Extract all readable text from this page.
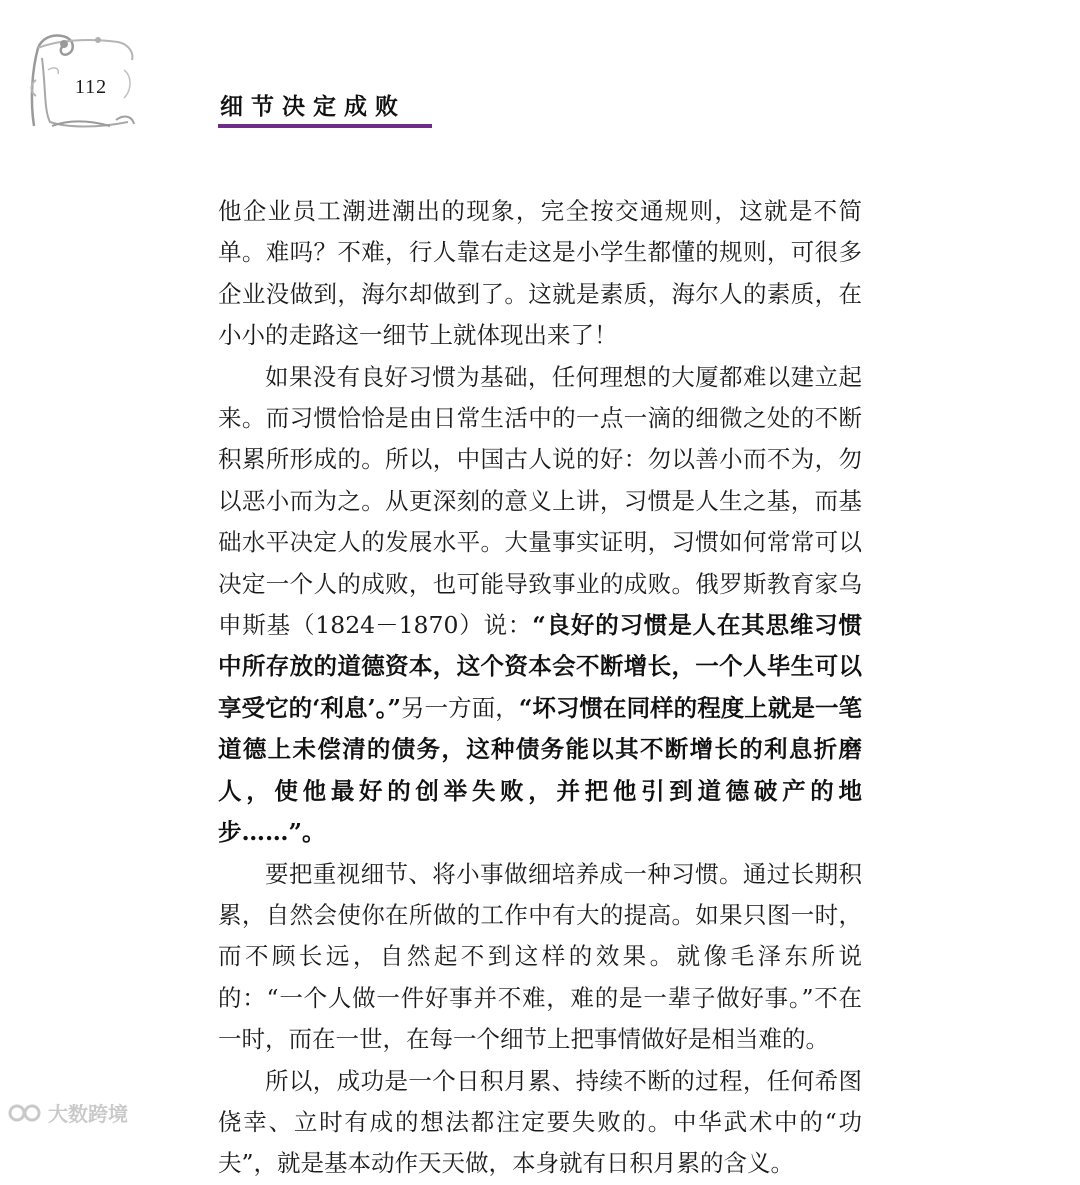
112
细节决定成败

他企业员工潮进潮出的现象，完全按交通规则，这就是不简单。难吗？不难，行人靠右走这是小学生都懂的规则，可很多企业没做到，海尔却做到了。这就是素质，海尔人的素质，在小小的走路这一细节上就体现出来了！

如果没有良好习惯为基础，任何理想的大厦都难以建立起来。而习惯恰恰是由日常生活中的一点一滴的细微之处的不断积累所形成的。所以，中国古人说的好：勿以善小而不为，勿以恶小而为之。从更深刻的意义上讲，习惯是人生之基，而基础水平决定人的发展水平。大量事实证明，习惯如何常常可以决定一个人的成败，也可能导致事业的成败。俄罗斯教育家乌申斯基（1824－1870）说：“良好的习惯是人在其思维习惯中所存放的道德资本，这个资本会不断增长，一个人毕生可以享受它的‘利息’。”另一方面，“坏习惯在同样的程度上就是一笔道德上未偿清的债务，这种债务能以其不断增长的利息折磨人，使他最好的创举失败，并把他引到道德破产的地步……”。

要把重视细节、将小事做细培养成一种习惯。通过长期积累，自然会使你在所做的工作中有大的提高。如果只图一时，而不顾长远，自然起不到这样的效果。就像毛泽东所说的：“一个人做一件好事并不难，难的是一辈子做好事。”不在一时，而在一世，在每一个细节上把事情做好是相当难的。

所以，成功是一个日积月累、持续不断的过程，任何希图侥幸、立时有成的想法都注定要失败的。中华武术中的“功夫”，就是基本动作天天做，本身就有日积月累的含义。

大数跨境
